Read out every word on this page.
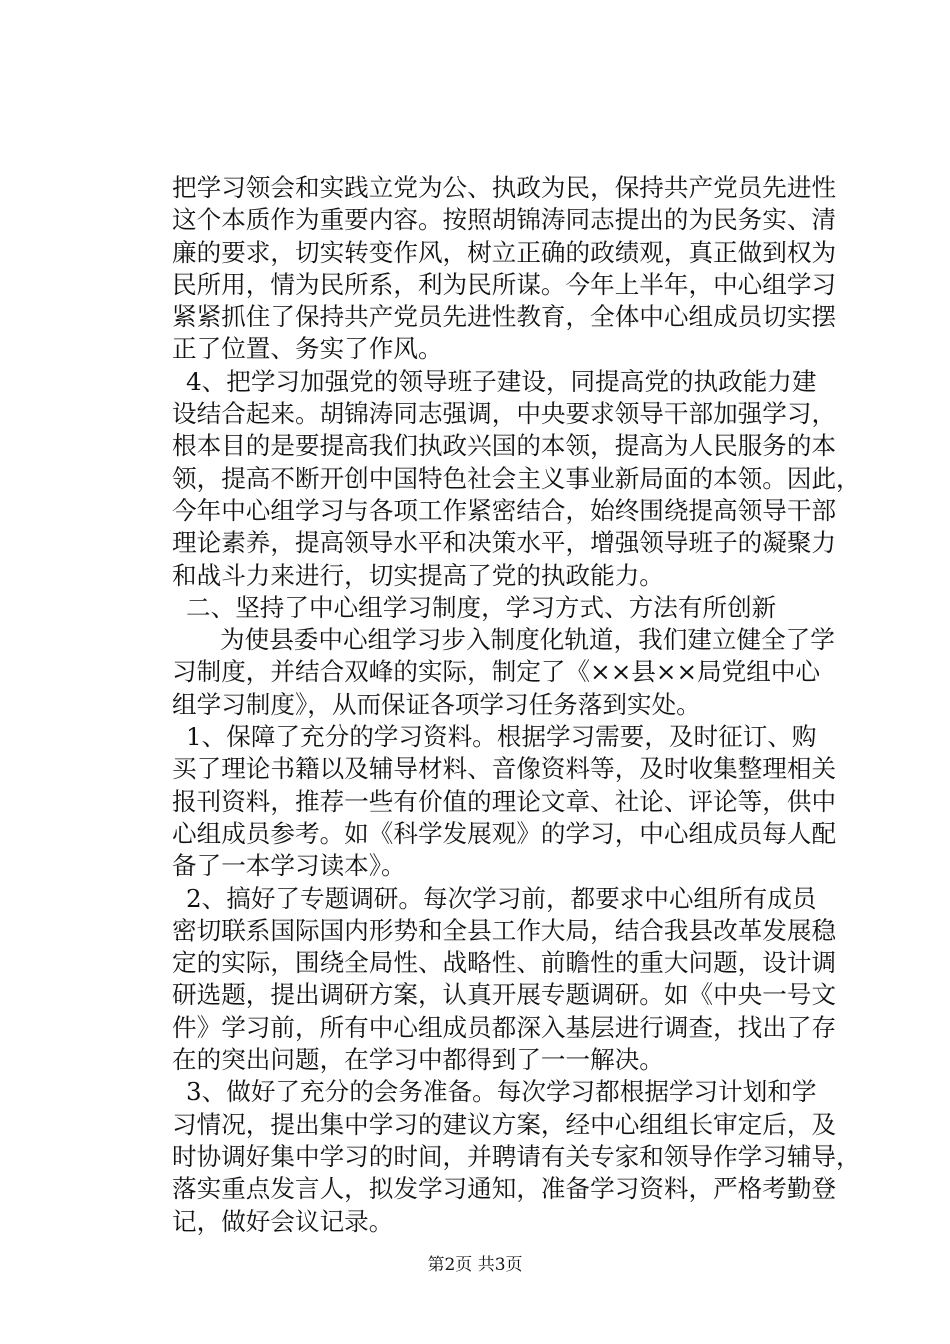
把学习领会和实践立党为公、执政为民，保持共产党员先进性
这个本质作为重要内容。按照胡锦涛同志提出的为民务实、清
廉的要求，切实转变作风，树立正确的政绩观，真正做到权为
民所用，情为民所系，利为民所谋。今年上半年，中心组学习
紧紧抓住了保持共产党员先进性教育，全体中心组成员切实摆
正了位置、务实了作风。
4、把学习加强党的领导班子建设，同提高党的执政能力建
设结合起来。胡锦涛同志强调，中央要求领导干部加强学习，
根本目的是要提高我们执政兴国的本领，提高为人民服务的本
领，提高不断开创中国特色社会主义事业新局面的本领。因此，
今年中心组学习与各项工作紧密结合，始终围绕提高领导干部
理论素养，提高领导水平和决策水平，增强领导班子的凝聚力
和战斗力来进行，切实提高了党的执政能力。
二、坚持了中心组学习制度，学习方式、方法有所创新
为使县委中心组学习步入制度化轨道，我们建立健全了学
习制度，并结合双峰的实际，制定了《××县××局党组中心
组学习制度》，从而保证各项学习任务落到实处。
1、保障了充分的学习资料。根据学习需要，及时征订、购
买了理论书籍以及辅导材料、音像资料等，及时收集整理相关
报刊资料，推荐一些有价值的理论文章、社论、评论等，供中
心组成员参考。如《科学发展观》的学习，中心组成员每人配
备了一本学习读本》。
2、搞好了专题调研。每次学习前，都要求中心组所有成员
密切联系国际国内形势和全县工作大局，结合我县改革发展稳
定的实际，围绕全局性、战略性、前瞻性的重大问题，设计调
研选题，提出调研方案，认真开展专题调研。如《中央一号文
件》学习前，所有中心组成员都深入基层进行调查，找出了存
在的突出问题，在学习中都得到了一一解决。
3、做好了充分的会务准备。每次学习都根据学习计划和学
习情况，提出集中学习的建议方案，经中心组组长审定后，及
时协调好集中学习的时间，并聘请有关专家和领导作学习辅导，
落实重点发言人，拟发学习通知，准备学习资料，严格考勤登
记，做好会议记录。
第2页 共3页
